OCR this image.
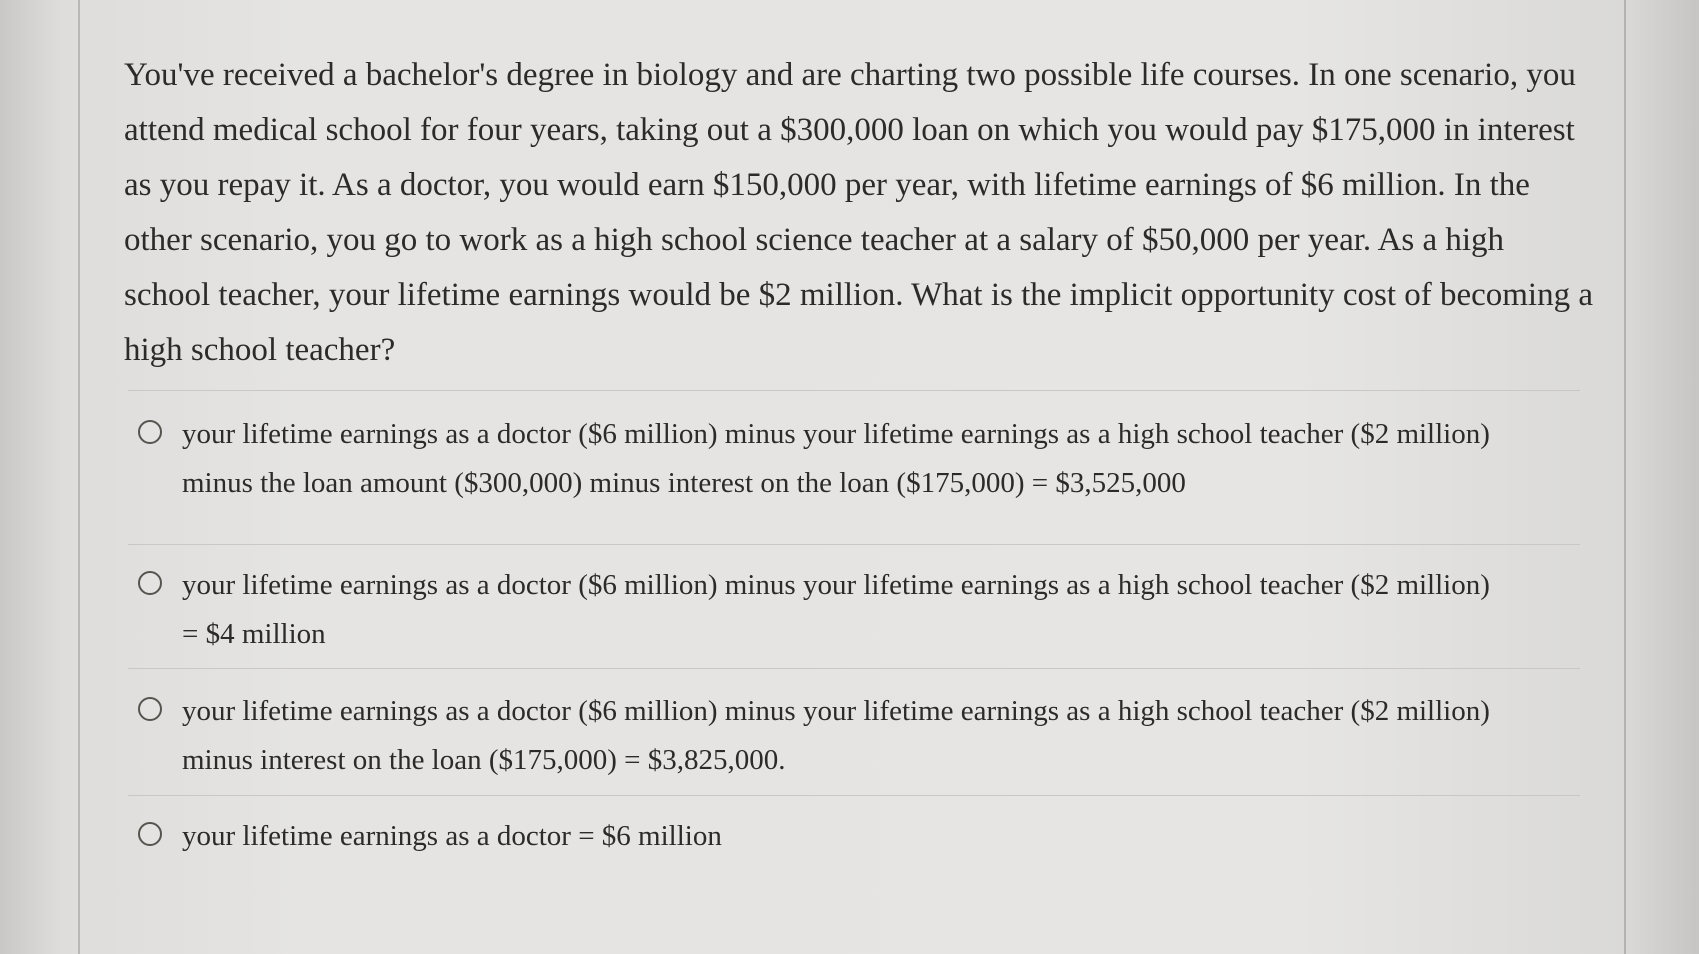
You've received a bachelor's degree in biology and are charting two possible life courses. In one scenario, you attend medical school for four years, taking out a $300,000 loan on which you would pay $175,000 in interest as you repay it. As a doctor, you would earn $150,000 per year, with lifetime earnings of $6 million. In the other scenario, you go to work as a high school science teacher at a salary of $50,000 per year. As a high school teacher, your lifetime earnings would be $2 million. What is the implicit opportunity cost of becoming a high school teacher?

your lifetime earnings as a doctor ($6 million) minus your lifetime earnings as a high school teacher ($2 million) minus the loan amount ($300,000) minus interest on the loan ($175,000) = $3,525,000
your lifetime earnings as a doctor ($6 million) minus your lifetime earnings as a high school teacher ($2 million) = $4 million
your lifetime earnings as a doctor ($6 million) minus your lifetime earnings as a high school teacher ($2 million) minus interest on the loan ($175,000) = $3,825,000.
your lifetime earnings as a doctor = $6 million
